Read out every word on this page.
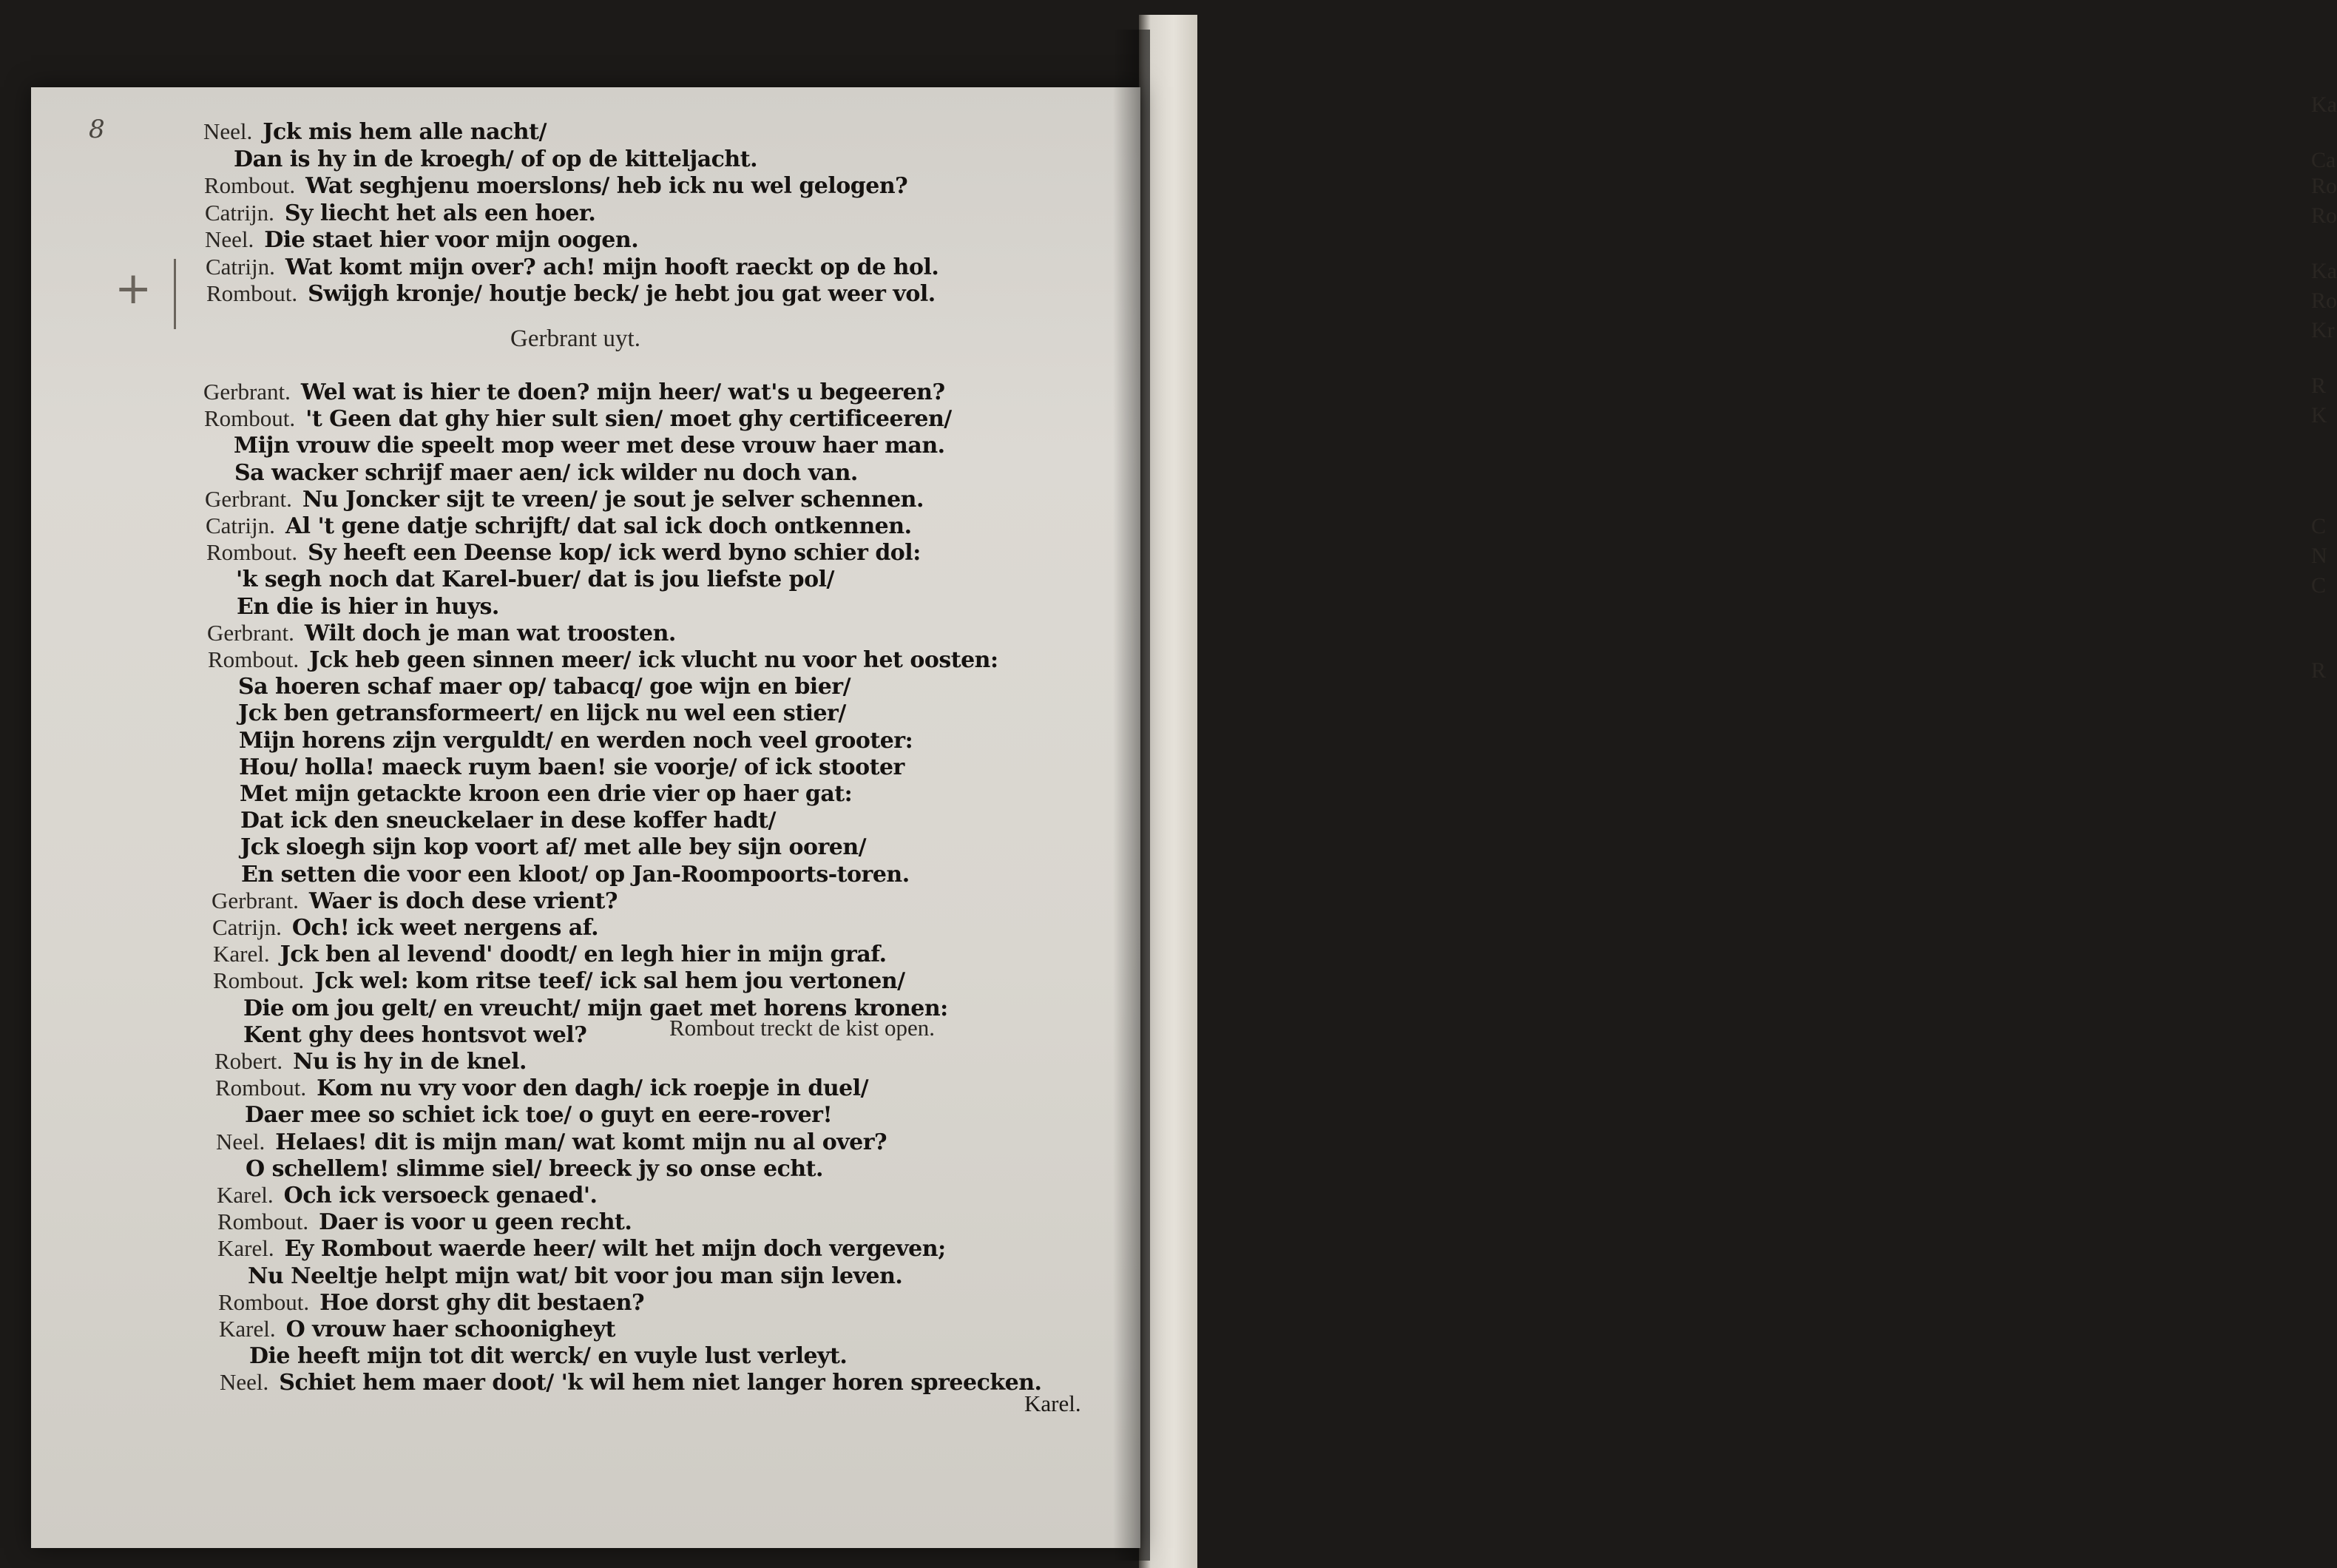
Ka
Ca
Ro
Ro
Ka
Ro
Kr
R
K
C
N
C
R
8
+
Neel. Jck mis hem alle nacht/
Dan is hy in de kroegh/ of op de kitteljacht.
Rombout. Wat seghjenu moerslons/ heb ick nu wel gelogen?
Catrijn. Sy liecht het als een hoer.
Neel. Die staet hier voor mijn oogen.
Catrijn. Wat komt mijn over? ach! mijn hooft raeckt op de hol.
Rombout. Swijgh kronje/ houtje beck/ je hebt jou gat weer vol.
Gerbrant uyt.
Gerbrant. Wel wat is hier te doen? mijn heer/ wat's u begeeren?
Rombout. 't Geen dat ghy hier sult sien/ moet ghy certificeeren/
Mijn vrouw die speelt mop weer met dese vrouw haer man.
Sa wacker schrijf maer aen/ ick wilder nu doch van.
Gerbrant. Nu Joncker sijt te vreen/ je sout je selver schennen.
Catrijn. Al 't gene datje schrijft/ dat sal ick doch ontkennen.
Rombout. Sy heeft een Deense kop/ ick werd byno schier dol:
'k segh noch dat Karel-buer/ dat is jou liefste pol/
En die is hier in huys.
Gerbrant. Wilt doch je man wat troosten.
Rombout. Jck heb geen sinnen meer/ ick vlucht nu voor het oosten:
Sa hoeren schaf maer op/ tabacq/ goe wijn en bier/
Jck ben getransformeert/ en lijck nu wel een stier/
Mijn horens zijn verguldt/ en werden noch veel grooter:
Hou/ holla! maeck ruym baen! sie voorje/ of ick stooter
Met mijn getackte kroon een drie vier op haer gat:
Dat ick den sneuckelaer in dese koffer hadt/
Jck sloegh sijn kop voort af/ met alle bey sijn ooren/
En setten die voor een kloot/ op Jan-Roompoorts-toren.
Gerbrant. Waer is doch dese vrient?
Catrijn. Och! ick weet nergens af.
Karel. Jck ben al levend' doodt/ en legh hier in mijn graf.
Rombout. Jck wel: kom ritse teef/ ick sal hem jou vertonen/
Die om jou gelt/ en vreucht/ mijn gaet met horens kronen:
Kent ghy dees hontsvot wel?
Robert. Nu is hy in de knel.
Rombout. Kom nu vry voor den dagh/ ick roepje in duel/
Daer mee so schiet ick toe/ o guyt en eere-rover!
Neel. Helaes! dit is mijn man/ wat komt mijn nu al over?
O schellem! slimme siel/ breeck jy so onse echt.
Karel. Och ick versoeck genaed'.
Rombout. Daer is voor u geen recht.
Karel. Ey Rombout waerde heer/ wilt het mijn doch vergeven;
Nu Neeltje helpt mijn wat/ bit voor jou man sijn leven.
Rombout. Hoe dorst ghy dit bestaen?
Karel. O vrouw haer schoonigheyt
Die heeft mijn tot dit werck/ en vuyle lust verleyt.
Neel. Schiet hem maer doot/ 'k wil hem niet langer horen spreecken.
Rombout treckt de kist open.
Karel.
